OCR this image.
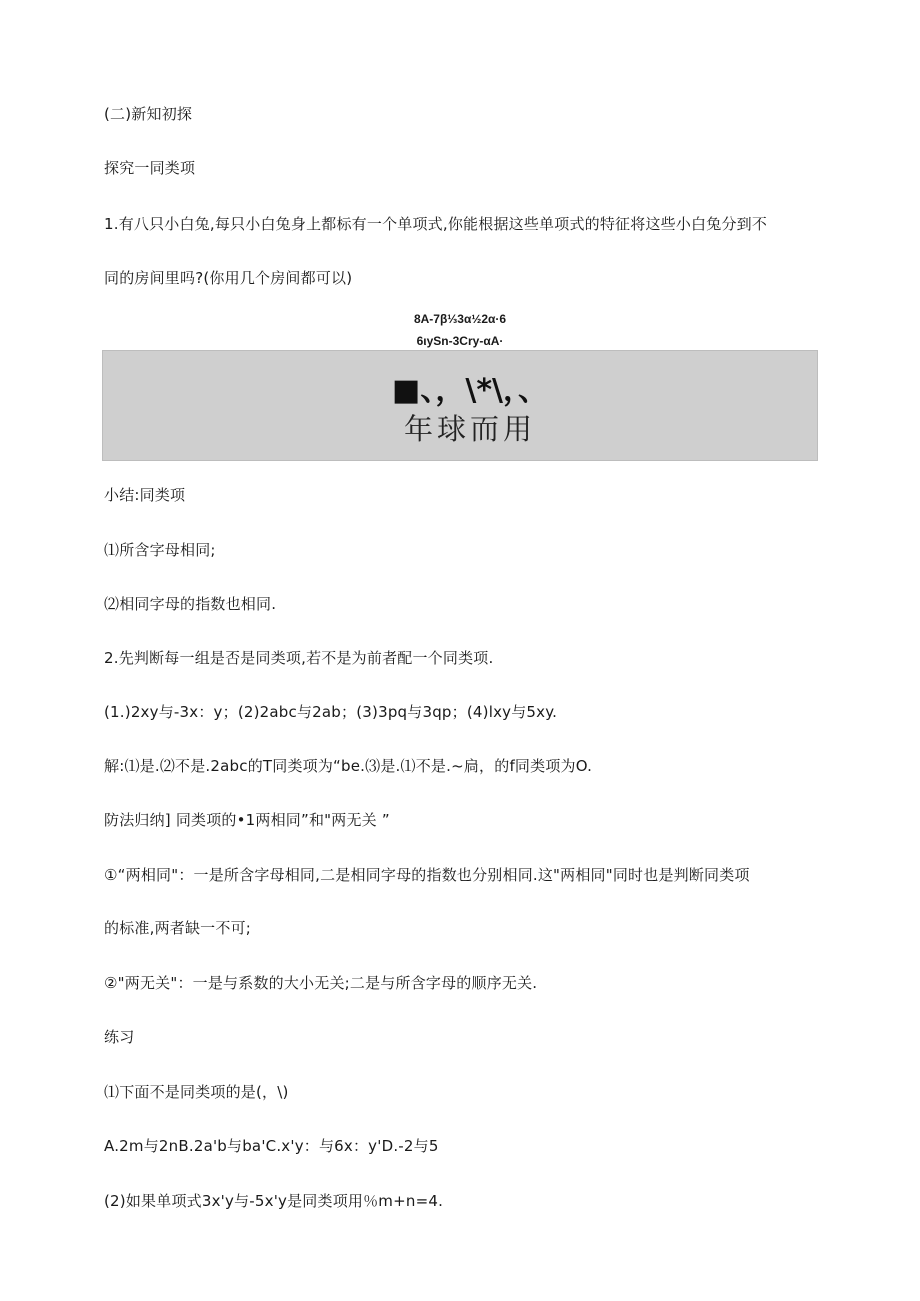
(二)新知初探
探究一同类项
1.有八只小白兔,每只小白兔身上都标有一个单项式,你能根据这些单项式的特征将这些小白兔分到不
同的房间里吗?(你用几个房间都可以)
8A-7β⅓3α½2α·6
6ιySn-3Cry-αA·
■、，\*\，、
年球而用
小结:同类项
⑴所含字母相同;
⑵相同字母的指数也相同.
2.先判断每一组是否是同类项,若不是为前者配一个同类项.
(1.)2xy与-3x：y；(2)2abc与2ab；(3)3pq与3qp；(4)lxy与5xy.
解:⑴是.⑵不是.2abc的T同类项为“be.⑶是.⑴不是.~扃，的f同类项为O.
防法归纳] 同类项的•1两相同”和"两无关 ”
①“两相同"：一是所含字母相同,二是相同字母的指数也分别相同.这"两相同"同时也是判断同类项
的标准,两者缺一不可;
②"两无关"：一是与系数的大小无关;二是与所含字母的顺序无关.
练习
⑴下面不是同类项的是(，\)
A.2m与2nB.2a'b与ba'C.x'y：与6x：y'D.-2与5
(2)如果单项式3x'y与-5x'y是同类项用％m+n=4.
